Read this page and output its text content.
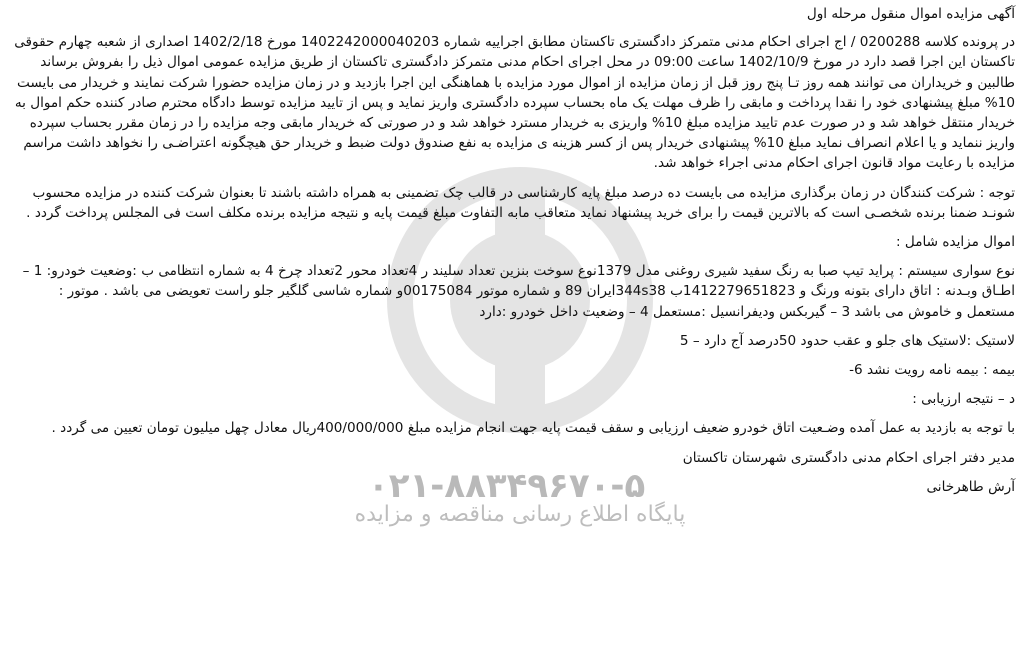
۰۲۱-۸۸۳۴۹۶۷۰-۵
پایگاه اطلاع رسانی مناقصه و مزایده

آگهی مزایده اموال منقول مرحله اول

در پرونده کلاسه 0200288 / اج اجرای احکام مدنی متمرکز دادگستری تاکستان مطابق اجراییه شماره 1402242000040203 مورخ 1402/2/18 اصداری از شعبه چهارم حقوقی تاکستان این اجرا قصد دارد در مورخ 1402/10/9 ساعت 09:00 در محل اجرای احکام مدنی متمرکز دادگستری تاکستان از طریق مزایده عمومی اموال ذیل را بفروش برساند طالبین و خریداران می توانند همه روز تـا پنج روز قبل از زمان مزایده از اموال مورد مزایده با هماهنگی این اجرا بازدید و در زمان مزایده حضورا شرکت نمایند و خریدار می بایست 10% مبلغ پیشنهادی خود را نقدا پرداخت و مابقی را ظرف مهلت یک ماه بحساب سپرده دادگستری واریز نماید و پس از تایید مزایده توسط دادگاه محترم صادر کننده حکم اموال به خریدار منتقل خواهد شد و در صورت عدم تایید مزایده مبلغ 10% واریزی به خریدار مسترد خواهد شد و در صورتی که خریدار مابقی وجه مزایده را در زمان مقرر بحساب سپرده واریز ننماید و یا اعلام انصراف نماید مبلغ 10% پیشنهادی خریدار پس از کسر هزینه ی مزایده به نفع صندوق دولت ضبط و خریدار حق هیچگونه اعتراضـی را نخواهد داشت مراسم مزایده با رعایت مواد قانون اجرای احکام مدنی اجراء خواهد شد.

توجه : شرکت کنندگان در زمان برگذاری مزایده می بایست ده درصد مبلغ پایه کارشناسی در قالب چک تضمینی به همراه داشته باشند تا بعنوان شرکت کننده در مزایده محسوب شونـد ضمنا برنده شخصـی است که بالاترین قیمت را برای خرید پیشنهاد نماید متعاقب مابه التفاوت مبلغ قیمت پایه و نتیجه مزایده برنده مکلف است فی المجلس پرداخت گردد .

اموال مزایده شامل :

نوع سواری سیستم : پراید تیپ صبا به رنگ سفید شیری روغنی مدل 1379نوع سوخت بنزین تعداد سلیند ر 4تعداد محور 2تعداد چرخ 4 به شماره انتظامی ب :وضعیت خودرو: 1 – اطـاق وبـدنه : اتاق دارای بتونه ورنگ و 1412279651823ب 344s38ایران 89 و شماره موتور 00175084و شماره شاسی گلگیر جلو راست تعویضی می باشد . موتور : مستعمل و خاموش می باشد 3 – گیربکس ودیفرانسیل :مستعمل 4 – وضعیت داخل خودرو :دارد

لاستیک :لاستیک های جلو و عقب حدود 50درصد آج دارد – 5

بیمه : بیمه نامه رویت نشد 6-

د – نتیجه ارزیابی :

با توجه به بازدید به عمل آمده وضـعیت اتاق خودرو ضعیف ارزیابی و سقف قیمت پایه جهت انجام مزایده مبلغ 400/000/000ریال معادل چهل میلیون تومان تعیین می گردد .

مدیر دفتر اجرای احکام مدنی دادگستری شهرستان تاکستان

آرش طاهرخانی
